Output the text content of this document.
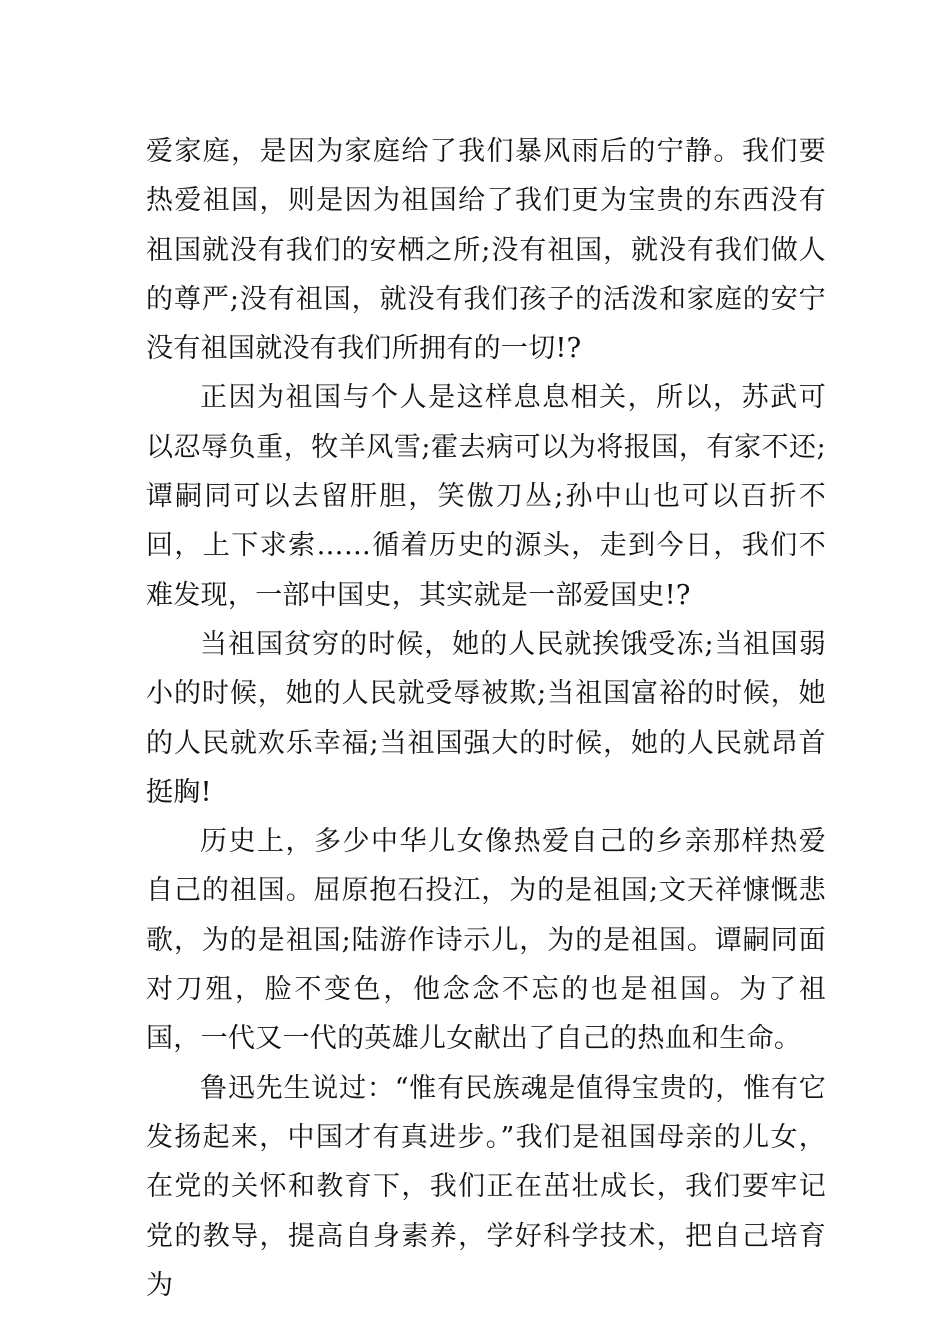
爱家庭，是因为家庭给了我们暴风雨后的宁静。我们要热爱祖国，则是因为祖国给了我们更为宝贵的东西没有祖国就没有我们的安栖之所;没有祖国，就没有我们做人的尊严;没有祖国，就没有我们孩子的活泼和家庭的安宁没有祖国就没有我们所拥有的一切!?

正因为祖国与个人是这样息息相关，所以，苏武可以忍辱负重，牧羊风雪;霍去病可以为将报国，有家不还;谭嗣同可以去留肝胆，笑傲刀丛;孙中山也可以百折不回，上下求索……循着历史的源头，走到今日，我们不难发现，一部中国史，其实就是一部爱国史!?

当祖国贫穷的时候，她的人民就挨饿受冻;当祖国弱小的时候，她的人民就受辱被欺;当祖国富裕的时候，她的人民就欢乐幸福;当祖国强大的时候，她的人民就昂首挺胸!

历史上，多少中华儿女像热爱自己的乡亲那样热爱自己的祖国。屈原抱石投江，为的是祖国;文天祥慷慨悲歌，为的是祖国;陆游作诗示儿，为的是祖国。谭嗣同面对刀殂，脸不变色，他念念不忘的也是祖国。为了祖国，一代又一代的英雄儿女献出了自己的热血和生命。

鲁迅先生说过：“惟有民族魂是值得宝贵的，惟有它发扬起来，中国才有真进步。”我们是祖国母亲的儿女，在党的关怀和教育下，我们正在茁壮成长，我们要牢记党的教导，提高自身素养，学好科学技术，把自己培育为
